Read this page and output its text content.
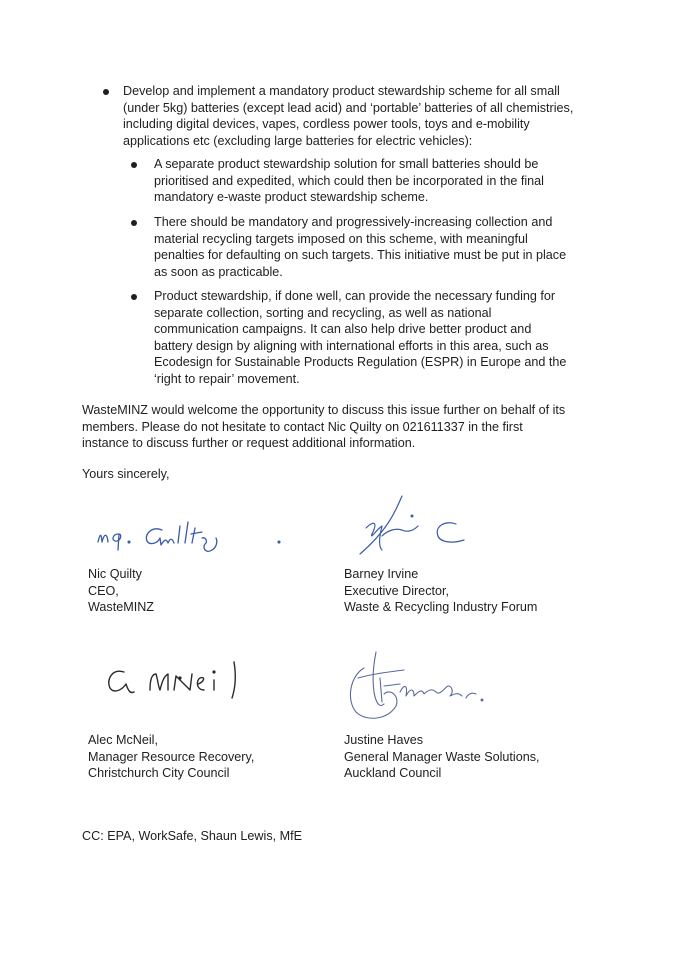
Develop and implement a mandatory product stewardship scheme for all small
(under 5kg) batteries (except lead acid) and ‘portable’ batteries of all chemistries,
including digital devices, vapes, cordless power tools, toys and e-mobility
applications etc (excluding large batteries for electric vehicles):
A separate product stewardship solution for small batteries should be
prioritised and expedited, which could then be incorporated in the final
mandatory e-waste product stewardship scheme.
There should be mandatory and progressively-increasing collection and
material recycling targets imposed on this scheme, with meaningful
penalties for defaulting on such targets. This initiative must be put in place
as soon as practicable.
Product stewardship, if done well, can provide the necessary funding for
separate collection, sorting and recycling, as well as national
communication campaigns. It can also help drive better product and
battery design by aligning with international efforts in this area, such as
Ecodesign for Sustainable Products Regulation (ESPR) in Europe and the
‘right to repair’ movement.
WasteMINZ would welcome the opportunity to discuss this issue further on behalf of its
members. Please do not hesitate to contact Nic Quilty on 021611337 in the first
instance to discuss further or request additional information.
Yours sincerely,
Nic Quilty
CEO,
WasteMINZ
Barney Irvine
Executive Director,
Waste & Recycling Industry Forum
Alec McNeil,
Manager Resource Recovery,
Christchurch City Council
Justine Haves
General Manager Waste Solutions,
Auckland Council
CC: EPA, WorkSafe, Shaun Lewis, MfE
